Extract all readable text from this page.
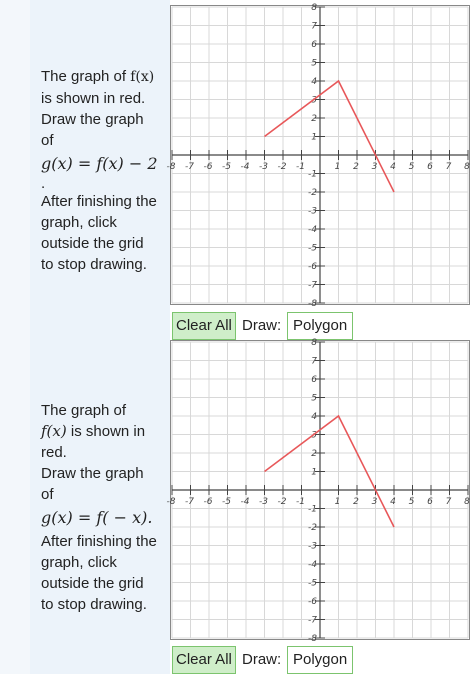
The graph of f(x)
is shown in red.
Draw the graph
of
g(x) = f(x) − 2
.
After finishing the
graph, click
outside the grid
to stop drawing.
The graph of
f(x) is shown in
red.
Draw the graph
of
g(x) = f( − x).
After finishing the
graph, click
outside the grid
to stop drawing.
-8 -7 -6 -5 -4 -3 -2 -1	1 2 3 4 5 6 7 8
8
7
6
5
4
3
2
1
-1
-2
-3
-4
-5
-6
-7
-8
Clear All Draw: Polygon
-8 -7 -6 -5 -4 -3 -2 -1	1 2 3 4 5 6 7 8
8
7
6
5
4
3
2
1
-1
-2
-3
-4
-5
-6
-7
-8
Clear All Draw: Polygon
